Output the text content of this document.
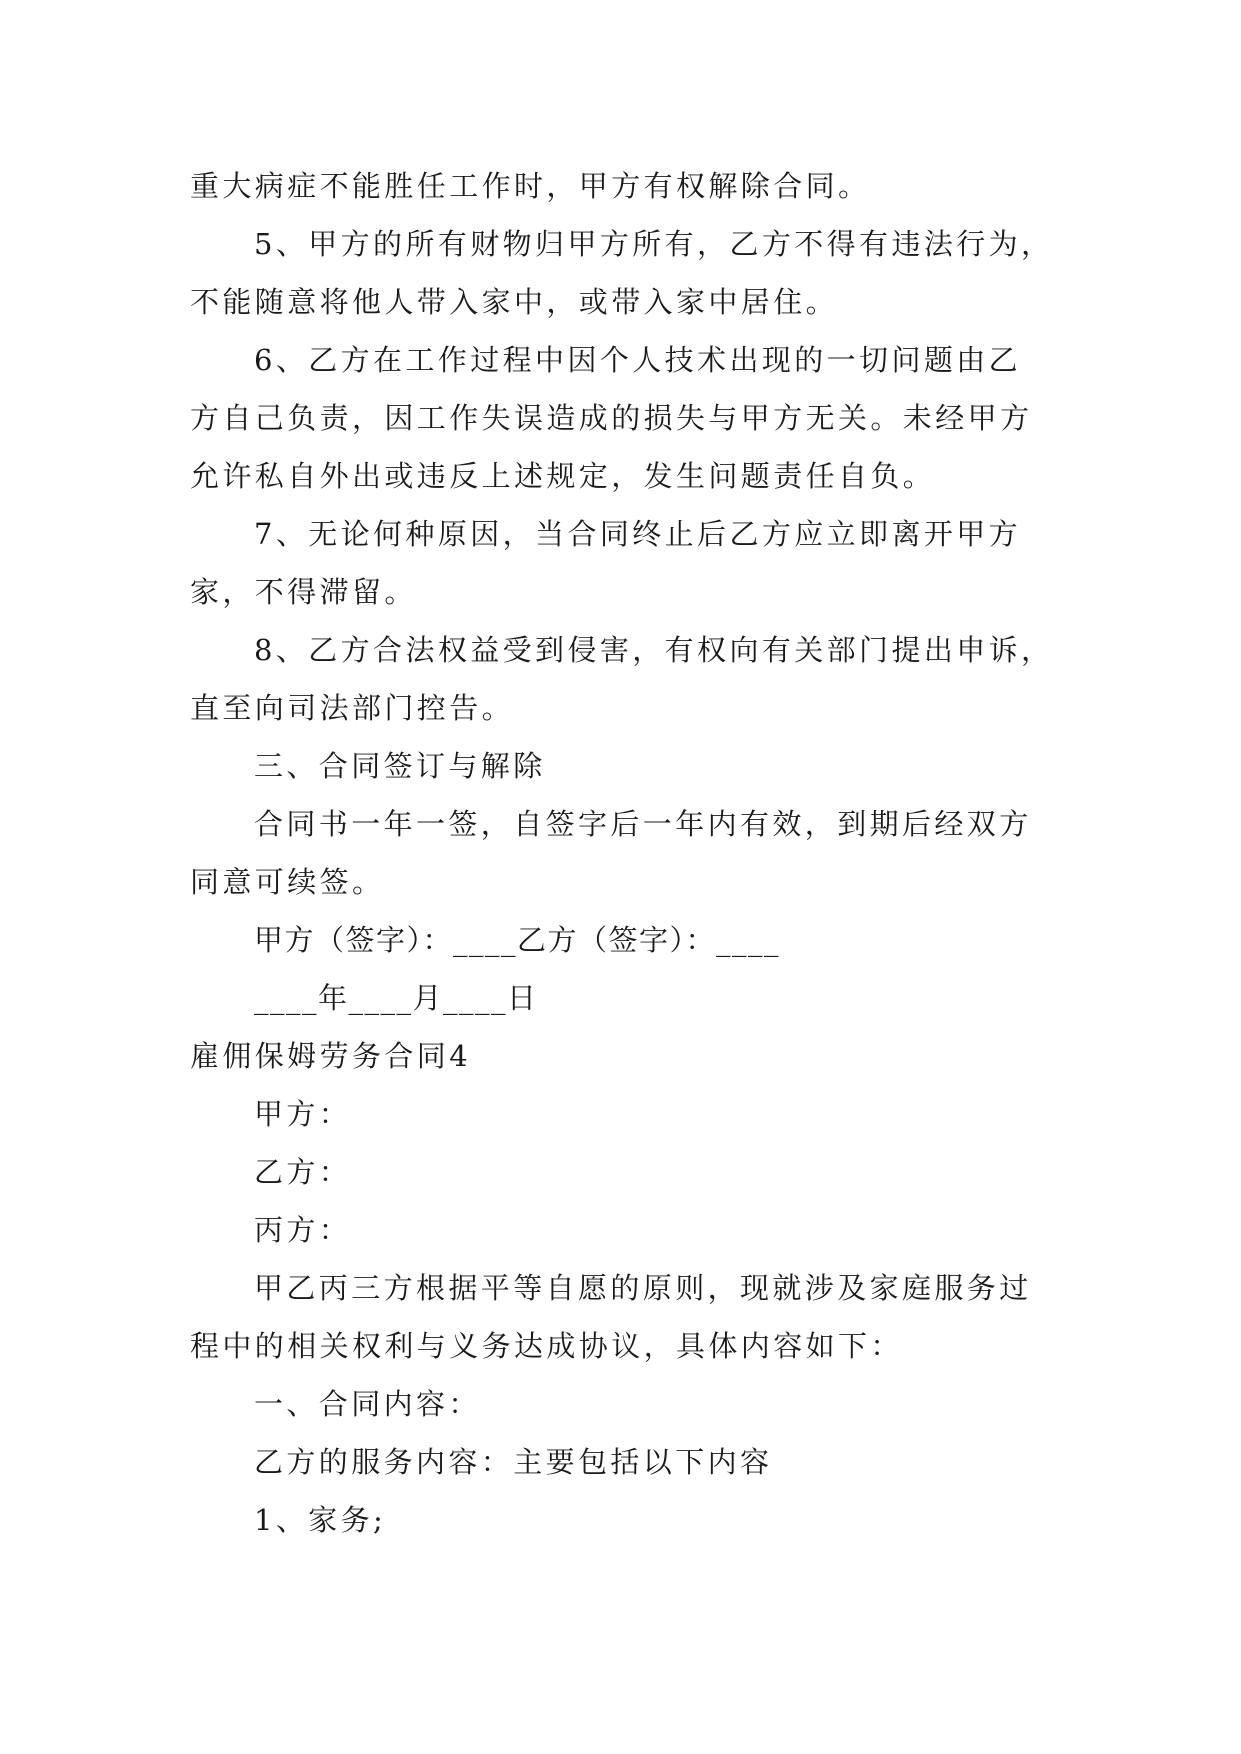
重大病症不能胜任工作时，甲方有权解除合同。
5、甲方的所有财物归甲方所有，乙方不得有违法行为，
不能随意将他人带入家中，或带入家中居住。
6、乙方在工作过程中因个人技术出现的一切问题由乙
方自己负责，因工作失误造成的损失与甲方无关。未经甲方
允许私自外出或违反上述规定，发生问题责任自负。
7、无论何种原因，当合同终止后乙方应立即离开甲方
家，不得滞留。
8、乙方合法权益受到侵害，有权向有关部门提出申诉，
直至向司法部门控告。
三、合同签订与解除
合同书一年一签，自签字后一年内有效，到期后经双方
同意可续签。
甲方（签字）：____乙方（签字）：____
____年____月____日
雇佣保姆劳务合同4
甲方：
乙方：
丙方：
甲乙丙三方根据平等自愿的原则，现就涉及家庭服务过
程中的相关权利与义务达成协议，具体内容如下：
一、合同内容：
乙方的服务内容：主要包括以下内容
1、家务;
